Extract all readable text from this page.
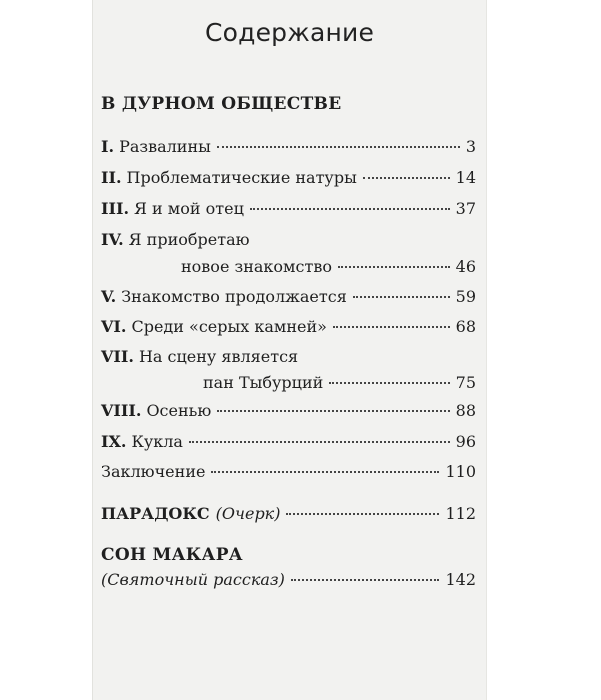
Содержание
В ДУРНОМ ОБЩЕСТВЕ
I. Развалины	3
II. Проблематические натуры	14
III. Я и мой отец	37
IV. Я приобретаю
новое знакомство	46
V. Знакомство продолжается	59
VI. Среди «серых камней»	68
VII. На сцену является
пан Тыбурций	75
VIII. Осенью	88
IX. Кукла	96
Заключение	110
ПАРАДОКС (Очерк)	112
СОН МАКАРА
(Святочный рассказ)	142
